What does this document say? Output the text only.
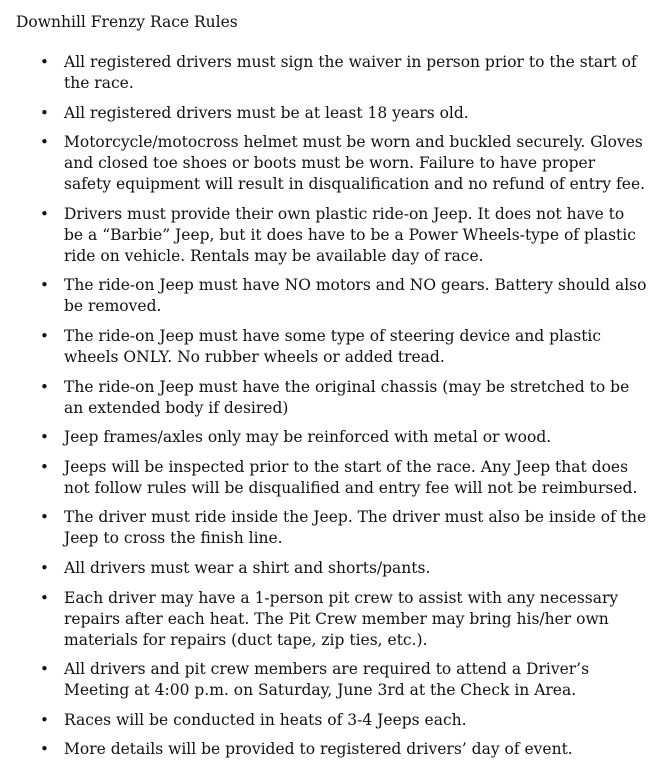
Downhill Frenzy Race Rules
• All registered drivers must sign the waiver in person prior to the start of the race.
• All registered drivers must be at least 18 years old.
• Motorcycle/motocross helmet must be worn and buckled securely. Gloves and closed toe shoes or boots must be worn. Failure to have proper safety equipment will result in disqualification and no refund of entry fee.
• Drivers must provide their own plastic ride-on Jeep. It does not have to be a “Barbie” Jeep, but it does have to be a Power Wheels-type of plastic ride on vehicle. Rentals may be available day of race.
• The ride-on Jeep must have NO motors and NO gears. Battery should also be removed.
• The ride-on Jeep must have some type of steering device and plastic wheels ONLY. No rubber wheels or added tread.
• The ride-on Jeep must have the original chassis (may be stretched to be an extended body if desired)
• Jeep frames/axles only may be reinforced with metal or wood.
• Jeeps will be inspected prior to the start of the race. Any Jeep that does not follow rules will be disqualified and entry fee will not be reimbursed.
• The driver must ride inside the Jeep. The driver must also be inside of the Jeep to cross the finish line.
• All drivers must wear a shirt and shorts/pants.
• Each driver may have a 1-person pit crew to assist with any necessary repairs after each heat. The Pit Crew member may bring his/her own materials for repairs (duct tape, zip ties, etc.).
• All drivers and pit crew members are required to attend a Driver’s Meeting at 4:00 p.m. on Saturday, June 3rd at the Check in Area.
• Races will be conducted in heats of 3-4 Jeeps each.
• More details will be provided to registered drivers’ day of event.
